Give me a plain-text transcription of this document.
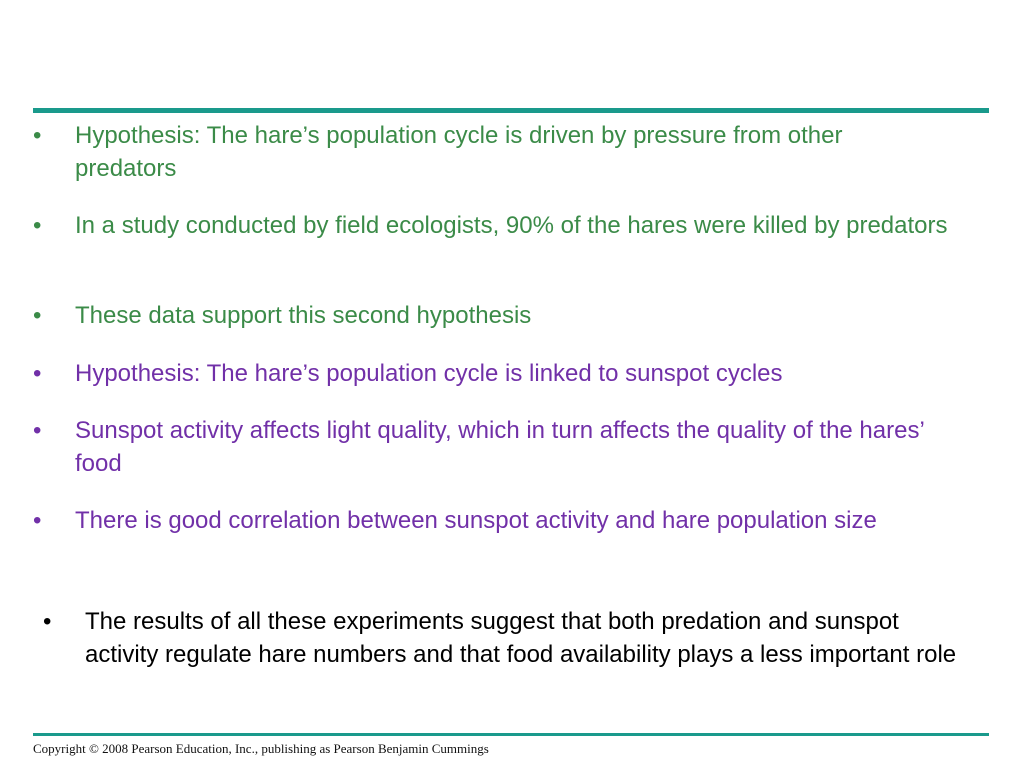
•	Hypothesis: The hare’s population cycle is driven by pressure from other predators
•	In a study conducted by field ecologists, 90% of the hares were killed by predators
•	These data support this second hypothesis
•	Hypothesis: The hare’s population cycle is linked to sunspot cycles
•	Sunspot activity affects light quality, which in turn affects the quality of the hares’ food
•	There is good correlation between sunspot activity and hare population size
•	The results of all these experiments suggest that both predation and sunspot activity regulate hare numbers and that food availability plays a less important role
Copyright © 2008 Pearson Education, Inc., publishing as Pearson Benjamin Cummings
